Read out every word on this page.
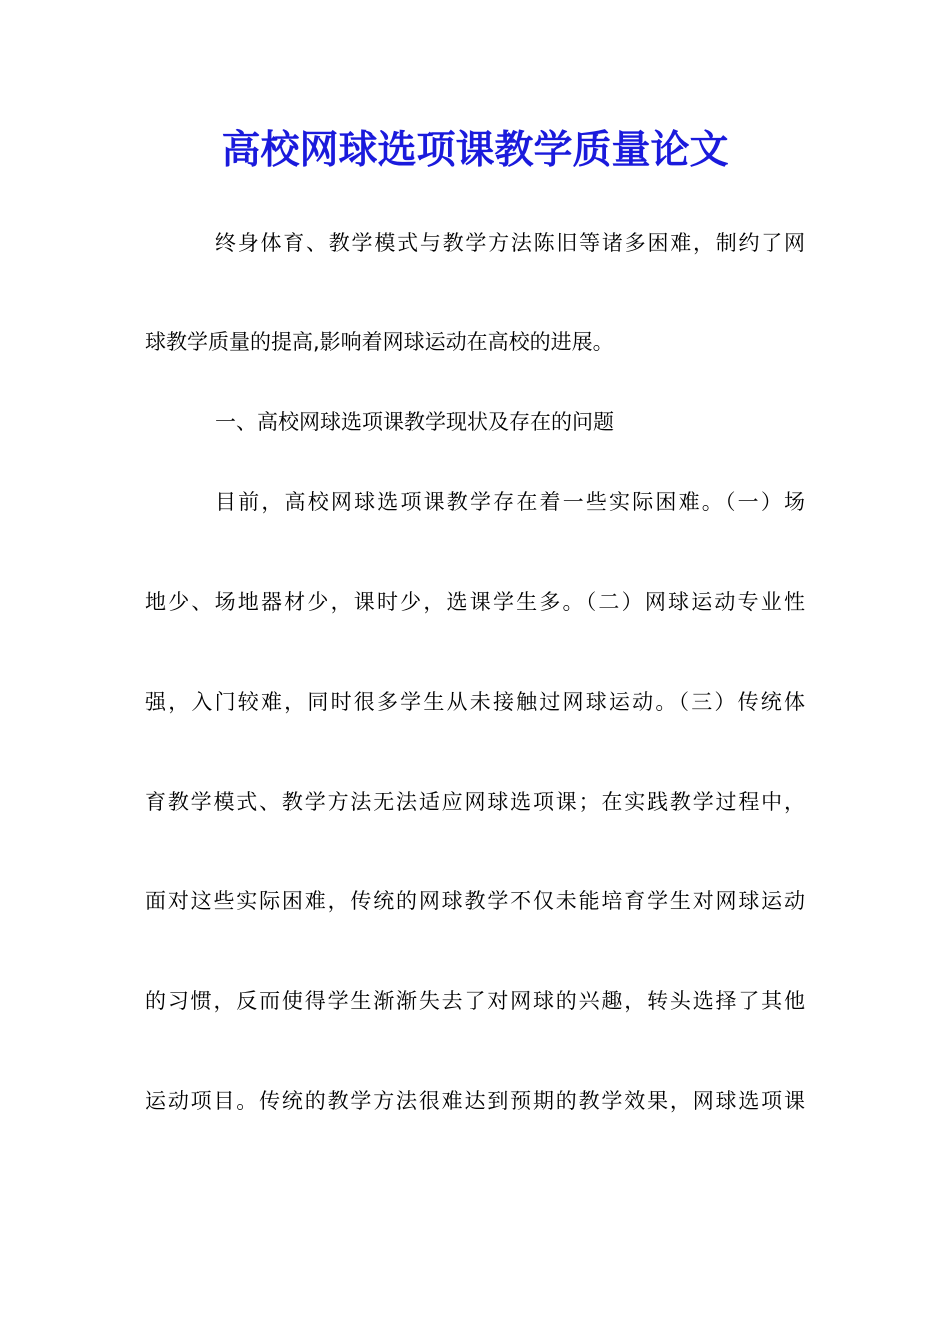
高校网球选项课教学质量论文

终身体育、教学模式与教学方法陈旧等诸多困难，制约了网

球教学质量的提高,影响着网球运动在高校的进展。

一、高校网球选项课教学现状及存在的问题

目前，高校网球选项课教学存在着一些实际困难。（一）场

地少、场地器材少，课时少，选课学生多。（二）网球运动专业性

强，入门较难，同时很多学生从未接触过网球运动。（三）传统体

育教学模式、教学方法无法适应网球选项课；在实践教学过程中，

面对这些实际困难，传统的网球教学不仅未能培育学生对网球运动

的习惯，反而使得学生渐渐失去了对网球的兴趣，转头选择了其他

运动项目。传统的教学方法很难达到预期的教学效果，网球选项课
